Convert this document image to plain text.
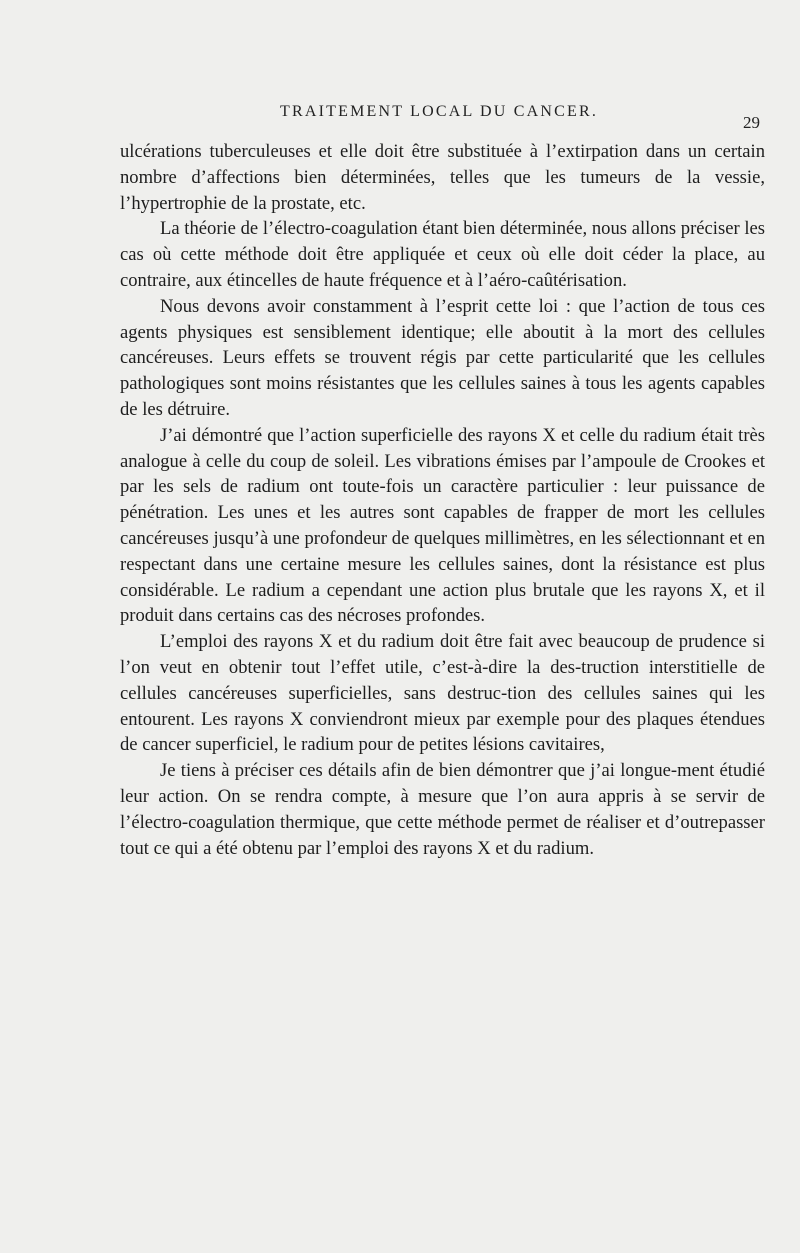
TRAITEMENT LOCAL DU CANCER.
29

ulcérations tuberculeuses et elle doit être substituée à l’extirpation dans un certain nombre d’affections bien déterminées, telles que les tumeurs de la vessie, l’hypertrophie de la prostate, etc.

La théorie de l’électro-coagulation étant bien déterminée, nous allons préciser les cas où cette méthode doit être appliquée et ceux où elle doit céder la place, au contraire, aux étincelles de haute fréquence et à l’aéro-caûtérisation.

Nous devons avoir constamment à l’esprit cette loi : que l’action de tous ces agents physiques est sensiblement identique; elle aboutit à la mort des cellules cancéreuses. Leurs effets se trouvent régis par cette particularité que les cellules pathologiques sont moins résistantes que les cellules saines à tous les agents capables de les détruire.

J’ai démontré que l’action superficielle des rayons X et celle du radium était très analogue à celle du coup de soleil. Les vibrations émises par l’ampoule de Crookes et par les sels de radium ont toute-fois un caractère particulier : leur puissance de pénétration. Les unes et les autres sont capables de frapper de mort les cellules cancéreuses jusqu’à une profondeur de quelques millimètres, en les sélectionnant et en respectant dans une certaine mesure les cellules saines, dont la résistance est plus considérable. Le radium a cependant une action plus brutale que les rayons X, et il produit dans certains cas des nécroses profondes.

L’emploi des rayons X et du radium doit être fait avec beaucoup de prudence si l’on veut en obtenir tout l’effet utile, c’est-à-dire la des-truction interstitielle de cellules cancéreuses superficielles, sans destruc-tion des cellules saines qui les entourent. Les rayons X conviendront mieux par exemple pour des plaques étendues de cancer superficiel, le radium pour de petites lésions cavitaires,

Je tiens à préciser ces détails afin de bien démontrer que j’ai longue-ment étudié leur action. On se rendra compte, à mesure que l’on aura appris à se servir de l’électro-coagulation thermique, que cette méthode permet de réaliser et d’outrepasser tout ce qui a été obtenu par l’emploi des rayons X et du radium.
